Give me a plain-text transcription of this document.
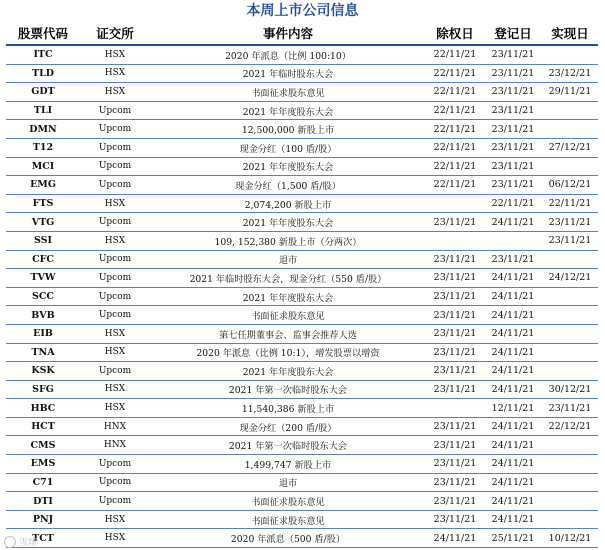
本周上市公司信息
股票代码	证交所	事件内容	除权日	登记日	实现日
ITC	HSX	2020 年派息（比例 100:10）	22/11/21	23/11/21	
TLD	HSX	2021 年临时股东大会	22/11/21	23/11/21	23/12/21
GDT	HSX	书面征求股东意见	22/11/21	23/11/21	29/11/21
TLI	Upcom	2021 年年度股东大会	22/11/21	23/11/21	
DMN	Upcom	12,500,000 新股上市	22/11/21	23/11/21	
T12	Upcom	现金分红（100 盾/股）	22/11/21	23/11/21	27/12/21
MCI	Upcom	2021 年年度股东大会	22/11/21	23/11/21	
EMG	Upcom	现金分红（1,500 盾/股）	22/11/21	23/11/21	06/12/21
FTS	HSX	2,074,200 新股上市		22/11/21	22/11/21
VTG	Upcom	2021 年年度股东大会	23/11/21	24/11/21	23/11/21
SSI	HSX	109, 152,380 新股上市（分两次）			23/11/21
CFC	Upcom	退市	23/11/21	23/11/21	
TVW	Upcom	2021 年临时股东大会，现金分红（550 盾/股）	23/11/21	24/11/21	24/12/21
SCC	Upcom	2021 年年度股东大会	23/11/21	24/11/21	
BVB	Upcom	书面征求股东意见	23/11/21	24/11/21	
EIB	HSX	第七任期董事会、监事会推荐人选	23/11/21	24/11/21	
TNA	HSX	2020 年派息（比例 10:1），增发股票以增资	23/11/21	24/11/21	
KSK	Upcom	2021 年年度股东大会	23/11/21	24/11/21	
SFG	HSX	2021 年第一次临时股东大会	23/11/21	24/11/21	30/12/21
HBC	HSX	11,540,386 新股上市		12/11/21	23/11/21
HCT	HNX	现金分红（200 盾/股）	23/11/21	24/11/21	22/12/21
CMS	HNX	2021 年第一次临时股东大会	23/11/21	24/11/21	
EMS	Upcom	1,499,747 新股上市	23/11/21	24/11/21	
C71	Upcom	退市	23/11/21	24/11/21	
DTI	Upcom	书面征求股东意见	23/11/21	24/11/21	
PNJ	HSX	书面征求股东意见	23/11/21	24/11/21	
TCT	HSX	2020 年派息（500 盾/股）	24/11/21	25/11/21	10/12/21
雪球
